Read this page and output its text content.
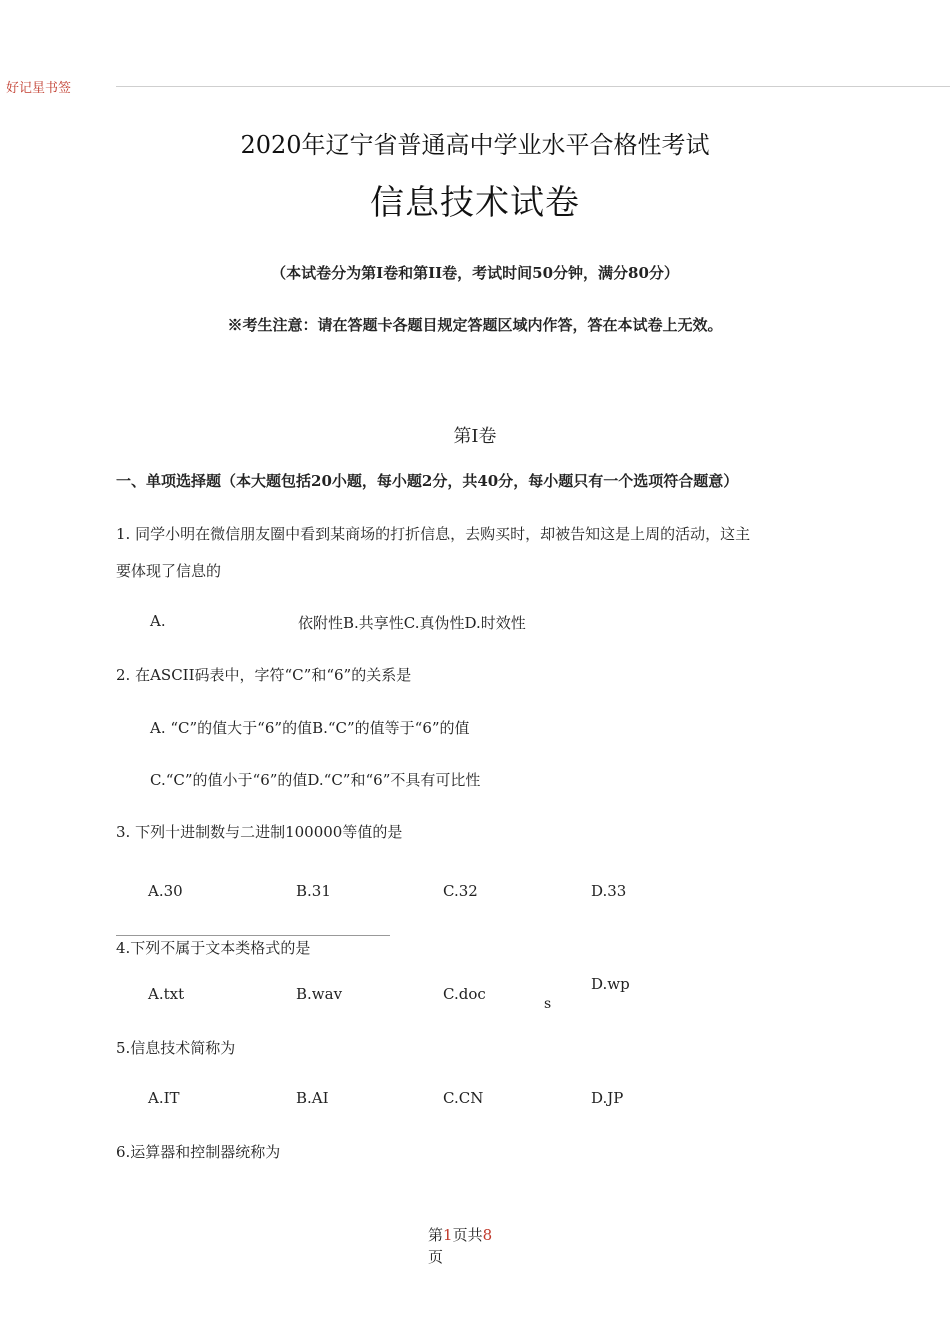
好记星书签
2020年辽宁省普通高中学业水平合格性考试
信息技术试卷
（本试卷分为第Ⅰ卷和第II卷，考试时间50分钟，满分80分）
※考生注意：请在答题卡各题目规定答题区域内作答，答在本试卷上无效。
第I卷
一、单项选择题（本大题包括20小题，每小题2分，共40分，每小题只有一个选项符合题意）
1. 同学小明在微信朋友圈中看到某商场的打折信息，去购买时，却被告知这是上周的活动，这主
要体现了信息的
A.	依附性B.共享性C.真伪性D.时效性
2. 在ASCII码表中，字符“C”和“6”的关系是
A. “C”的值大于“6”的值B.“C”的值等于“6”的值
C.“C”的值小于“6”的值D.“C”和“6”不具有可比性
3. 下列十进制数与二进制100000等值的是
A.30	B.31	C.32	D.33
4.下列不属于文本类格式的是
A.txt	B.wav	C.doc
D.wp
s
5.信息技术简称为
A.IT	B.AI	C.CN	D.JP
6.运算器和控制器统称为
第1页共8
页
